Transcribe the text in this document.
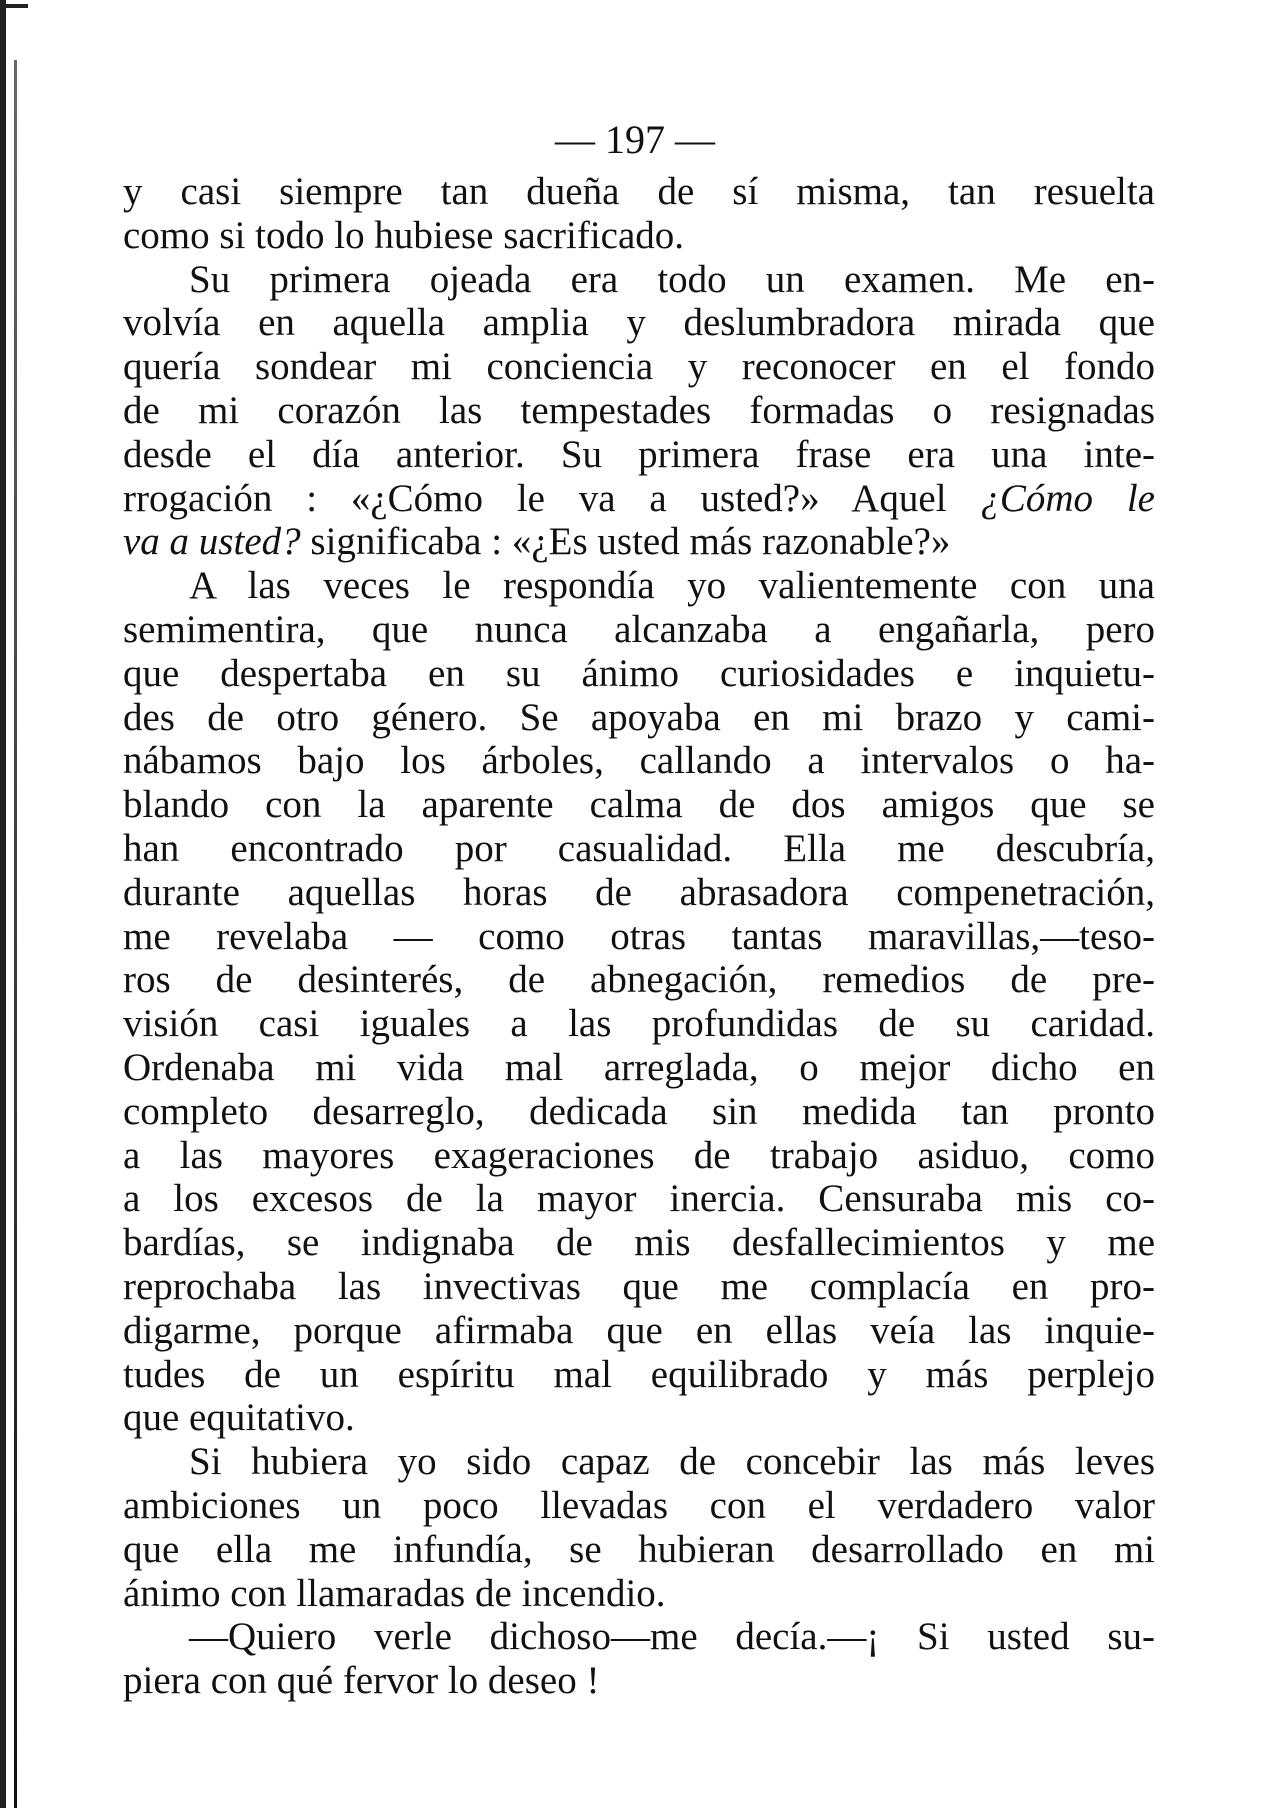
— 197 —
y casi siempre tan dueña de sí misma, tan resuelta
como si todo lo hubiese sacrificado.
Su primera ojeada era todo un examen. Me en-
volvía en aquella amplia y deslumbradora mirada que
quería sondear mi conciencia y reconocer en el fondo
de mi corazón las tempestades formadas o resignadas
desde el día anterior. Su primera frase era una inte-
rrogación : «¿Cómo le va a usted?» Aquel ¿Cómo le
va a usted? significaba : «¿Es usted más razonable?»
A las veces le respondía yo valientemente con una
semimentira, que nunca alcanzaba a engañarla, pero
que despertaba en su ánimo curiosidades e inquietu-
des de otro género. Se apoyaba en mi brazo y cami-
nábamos bajo los árboles, callando a intervalos o ha-
blando con la aparente calma de dos amigos que se
han encontrado por casualidad. Ella me descubría,
durante aquellas horas de abrasadora compenetración,
me revelaba — como otras tantas maravillas,—teso-
ros de desinterés, de abnegación, remedios de pre-
visión casi iguales a las profundidas de su caridad.
Ordenaba mi vida mal arreglada, o mejor dicho en
completo desarreglo, dedicada sin medida tan pronto
a las mayores exageraciones de trabajo asiduo, como
a los excesos de la mayor inercia. Censuraba mis co-
bardías, se indignaba de mis desfallecimientos y me
reprochaba las invectivas que me complacía en pro-
digarme, porque afirmaba que en ellas veía las inquie-
tudes de un espíritu mal equilibrado y más perplejo
que equitativo.
Si hubiera yo sido capaz de concebir las más leves
ambiciones un poco llevadas con el verdadero valor
que ella me infundía, se hubieran desarrollado en mi
ánimo con llamaradas de incendio.
—Quiero verle dichoso—me decía.—¡ Si usted su-
piera con qué fervor lo deseo !
